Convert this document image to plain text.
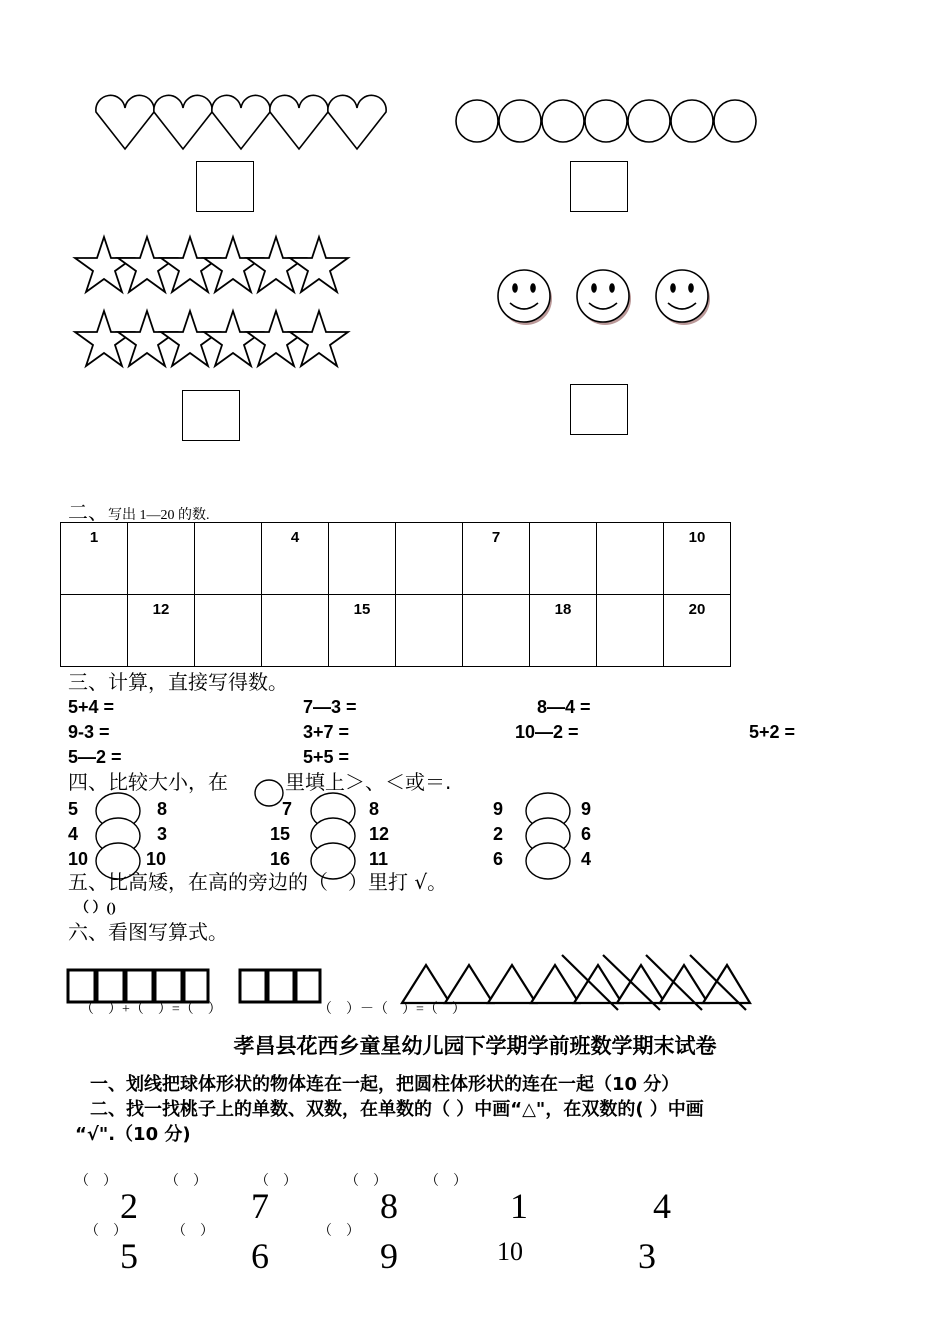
二、写出 1—20 的数.
1			4			7			10
	12			15			18		20
三、计算，直接写得数。
5+4 =	7—3 =	8—4 =
9-3 =	3+7 =	10—2 =	5+2 =
5—2 =	5+5 =
四、比较大小，在	里填上＞、＜或＝.
5	8	7	8	9	9
4	3	15	12	2	6
10	10	16	11	6	4
五、比高矮，在高的旁边的（　）里打 √。
（ ）()
六、看图写算式。
（　）+（　）=（　）	（　）－（　）=（　）
孝昌县花西乡童星幼儿园下学期学前班数学期末试卷
一、划线把球体形状的物体连在一起，把圆柱体形状的连在一起（10 分）
二、找一找桃子上的单数、双数，在单数的（ ）中画“△"，在双数的( ）中画
“√".（10 分)
（　）	（　）	（　）	（　）	（　）
（　）	（　）	（　）
2	7	8	1	4
5	6	9	10	3
